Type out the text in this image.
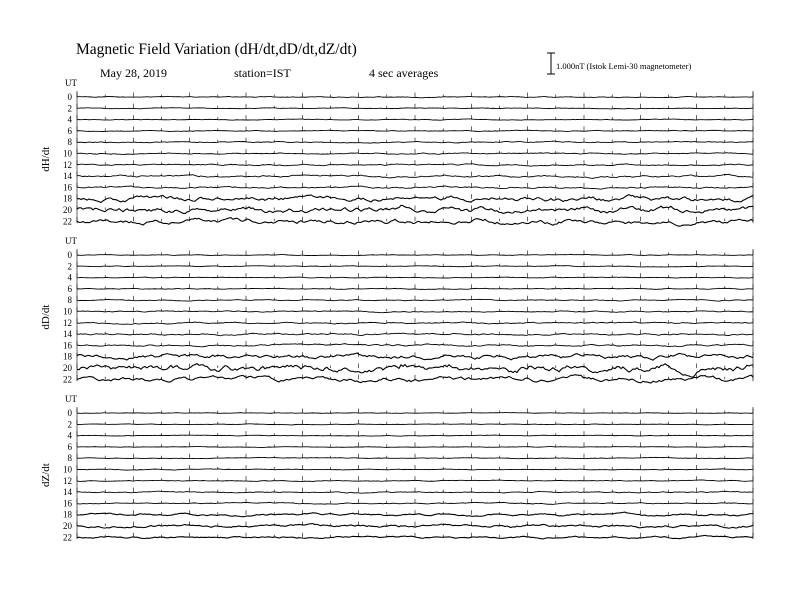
Magnetic Field Variation (dH/dt,dD/dt,dZ/dt)
May 28, 2019	station=IST	4 sec averages	1.000nT (Istok Lemi-30 magnetometer)
UT
dH/dt
0
2
4
6
8
10
12
14
16
18
20
22
UT
dD/dt
0
2
4
6
8
10
12
14
16
18
20
22
UT
dZ/dt
0
2
4
6
8
10
12
14
16
18
20
22
